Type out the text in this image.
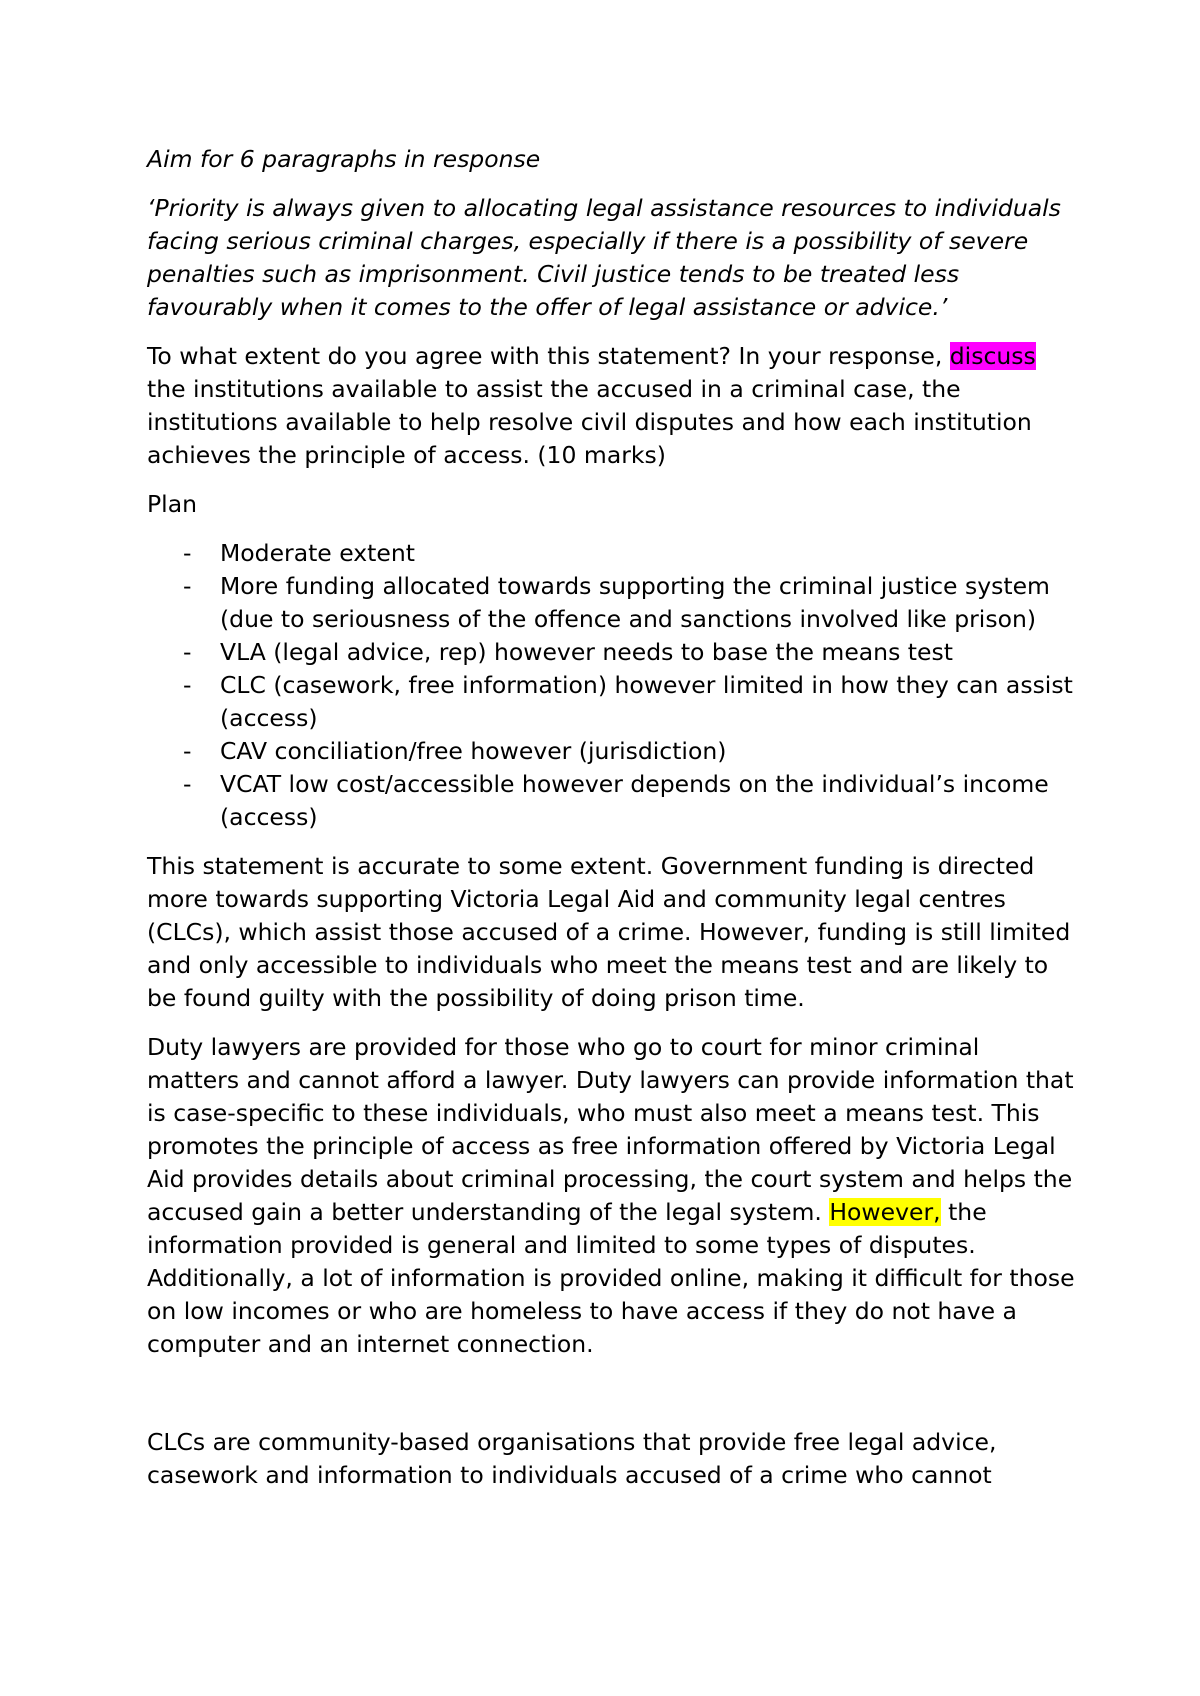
Aim for 6 paragraphs in response

‘Priority is always given to allocating legal assistance resources to individuals facing serious criminal charges, especially if there is a possibility of severe penalties such as imprisonment. Civil justice tends to be treated less favourably when it comes to the offer of legal assistance or advice.’

To what extent do you agree with this statement? In your response, discuss the institutions available to assist the accused in a criminal case, the institutions available to help resolve civil disputes and how each institution achieves the principle of access. (10 marks)

Plan

- Moderate extent
- More funding allocated towards supporting the criminal justice system (due to seriousness of the offence and sanctions involved like prison)
- VLA (legal advice, rep) however needs to base the means test
- CLC (casework, free information) however limited in how they can assist (access)
- CAV conciliation/free however (jurisdiction)
- VCAT low cost/accessible however depends on the individual’s income (access)

This statement is accurate to some extent. Government funding is directed more towards supporting Victoria Legal Aid and community legal centres (CLCs), which assist those accused of a crime. However, funding is still limited and only accessible to individuals who meet the means test and are likely to be found guilty with the possibility of doing prison time.

Duty lawyers are provided for those who go to court for minor criminal matters and cannot afford a lawyer. Duty lawyers can provide information that is case-specific to these individuals, who must also meet a means test. This promotes the principle of access as free information offered by Victoria Legal Aid provides details about criminal processing, the court system and helps the accused gain a better understanding of the legal system. However, the information provided is general and limited to some types of disputes. Additionally, a lot of information is provided online, making it difficult for those on low incomes or who are homeless to have access if they do not have a computer and an internet connection.

CLCs are community-based organisations that provide free legal advice, casework and information to individuals accused of a crime who cannot
